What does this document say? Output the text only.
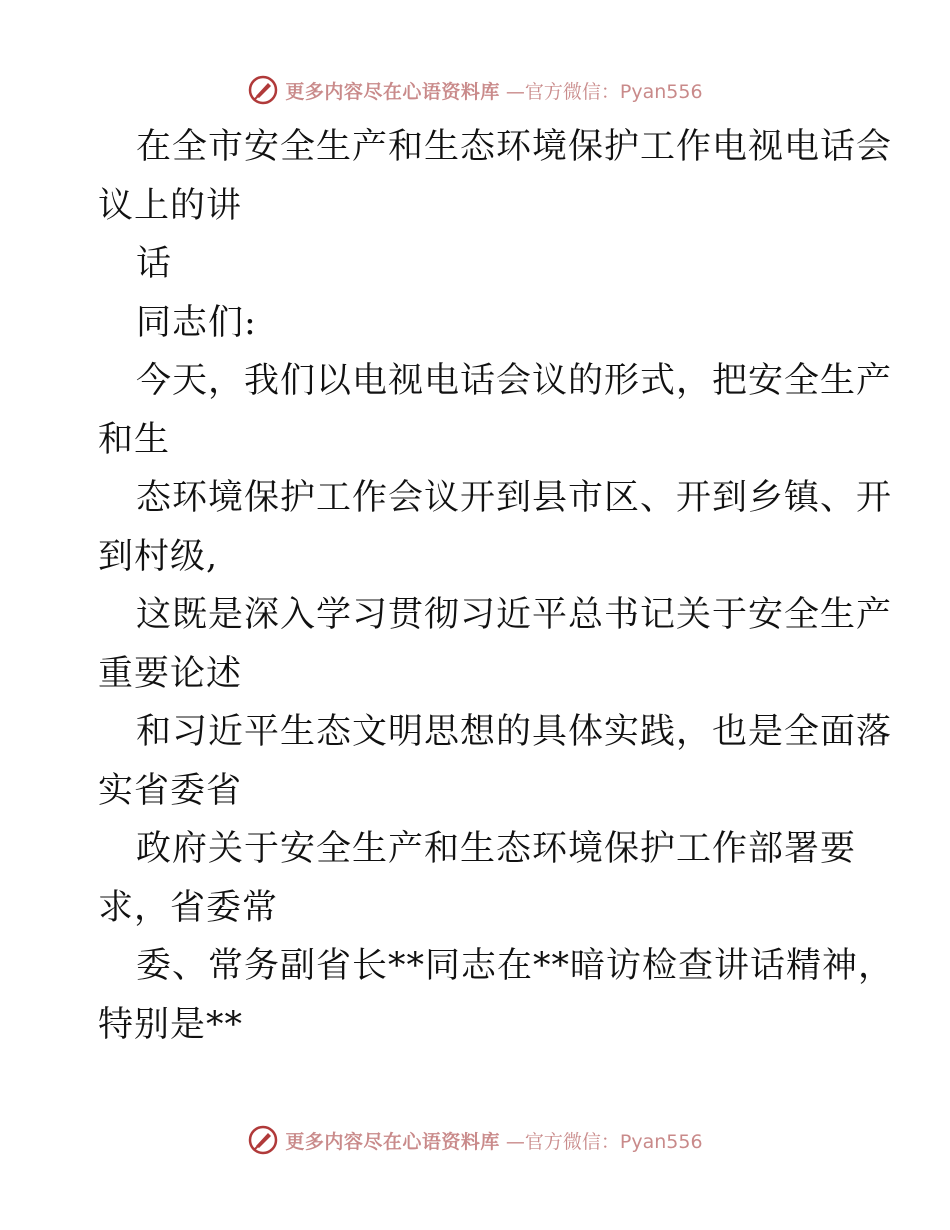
更多内容尽在心语资料库 —官方微信：Pyan556
在全市安全生产和生态环境保护工作电视电话会
议上的讲
话
同志们:
今天，我们以电视电话会议的形式，把安全生产
和生
态环境保护工作会议开到县市区、开到乡镇、开
到村级,
这既是深入学习贯彻习近平总书记关于安全生产
重要论述
和习近平生态文明思想的具体实践，也是全面落
实省委省
政府关于安全生产和生态环境保护工作部署要
求，省委常
委、常务副省长**同志在**暗访检查讲话精神，
特别是**
更多内容尽在心语资料库 —官方微信：Pyan556
